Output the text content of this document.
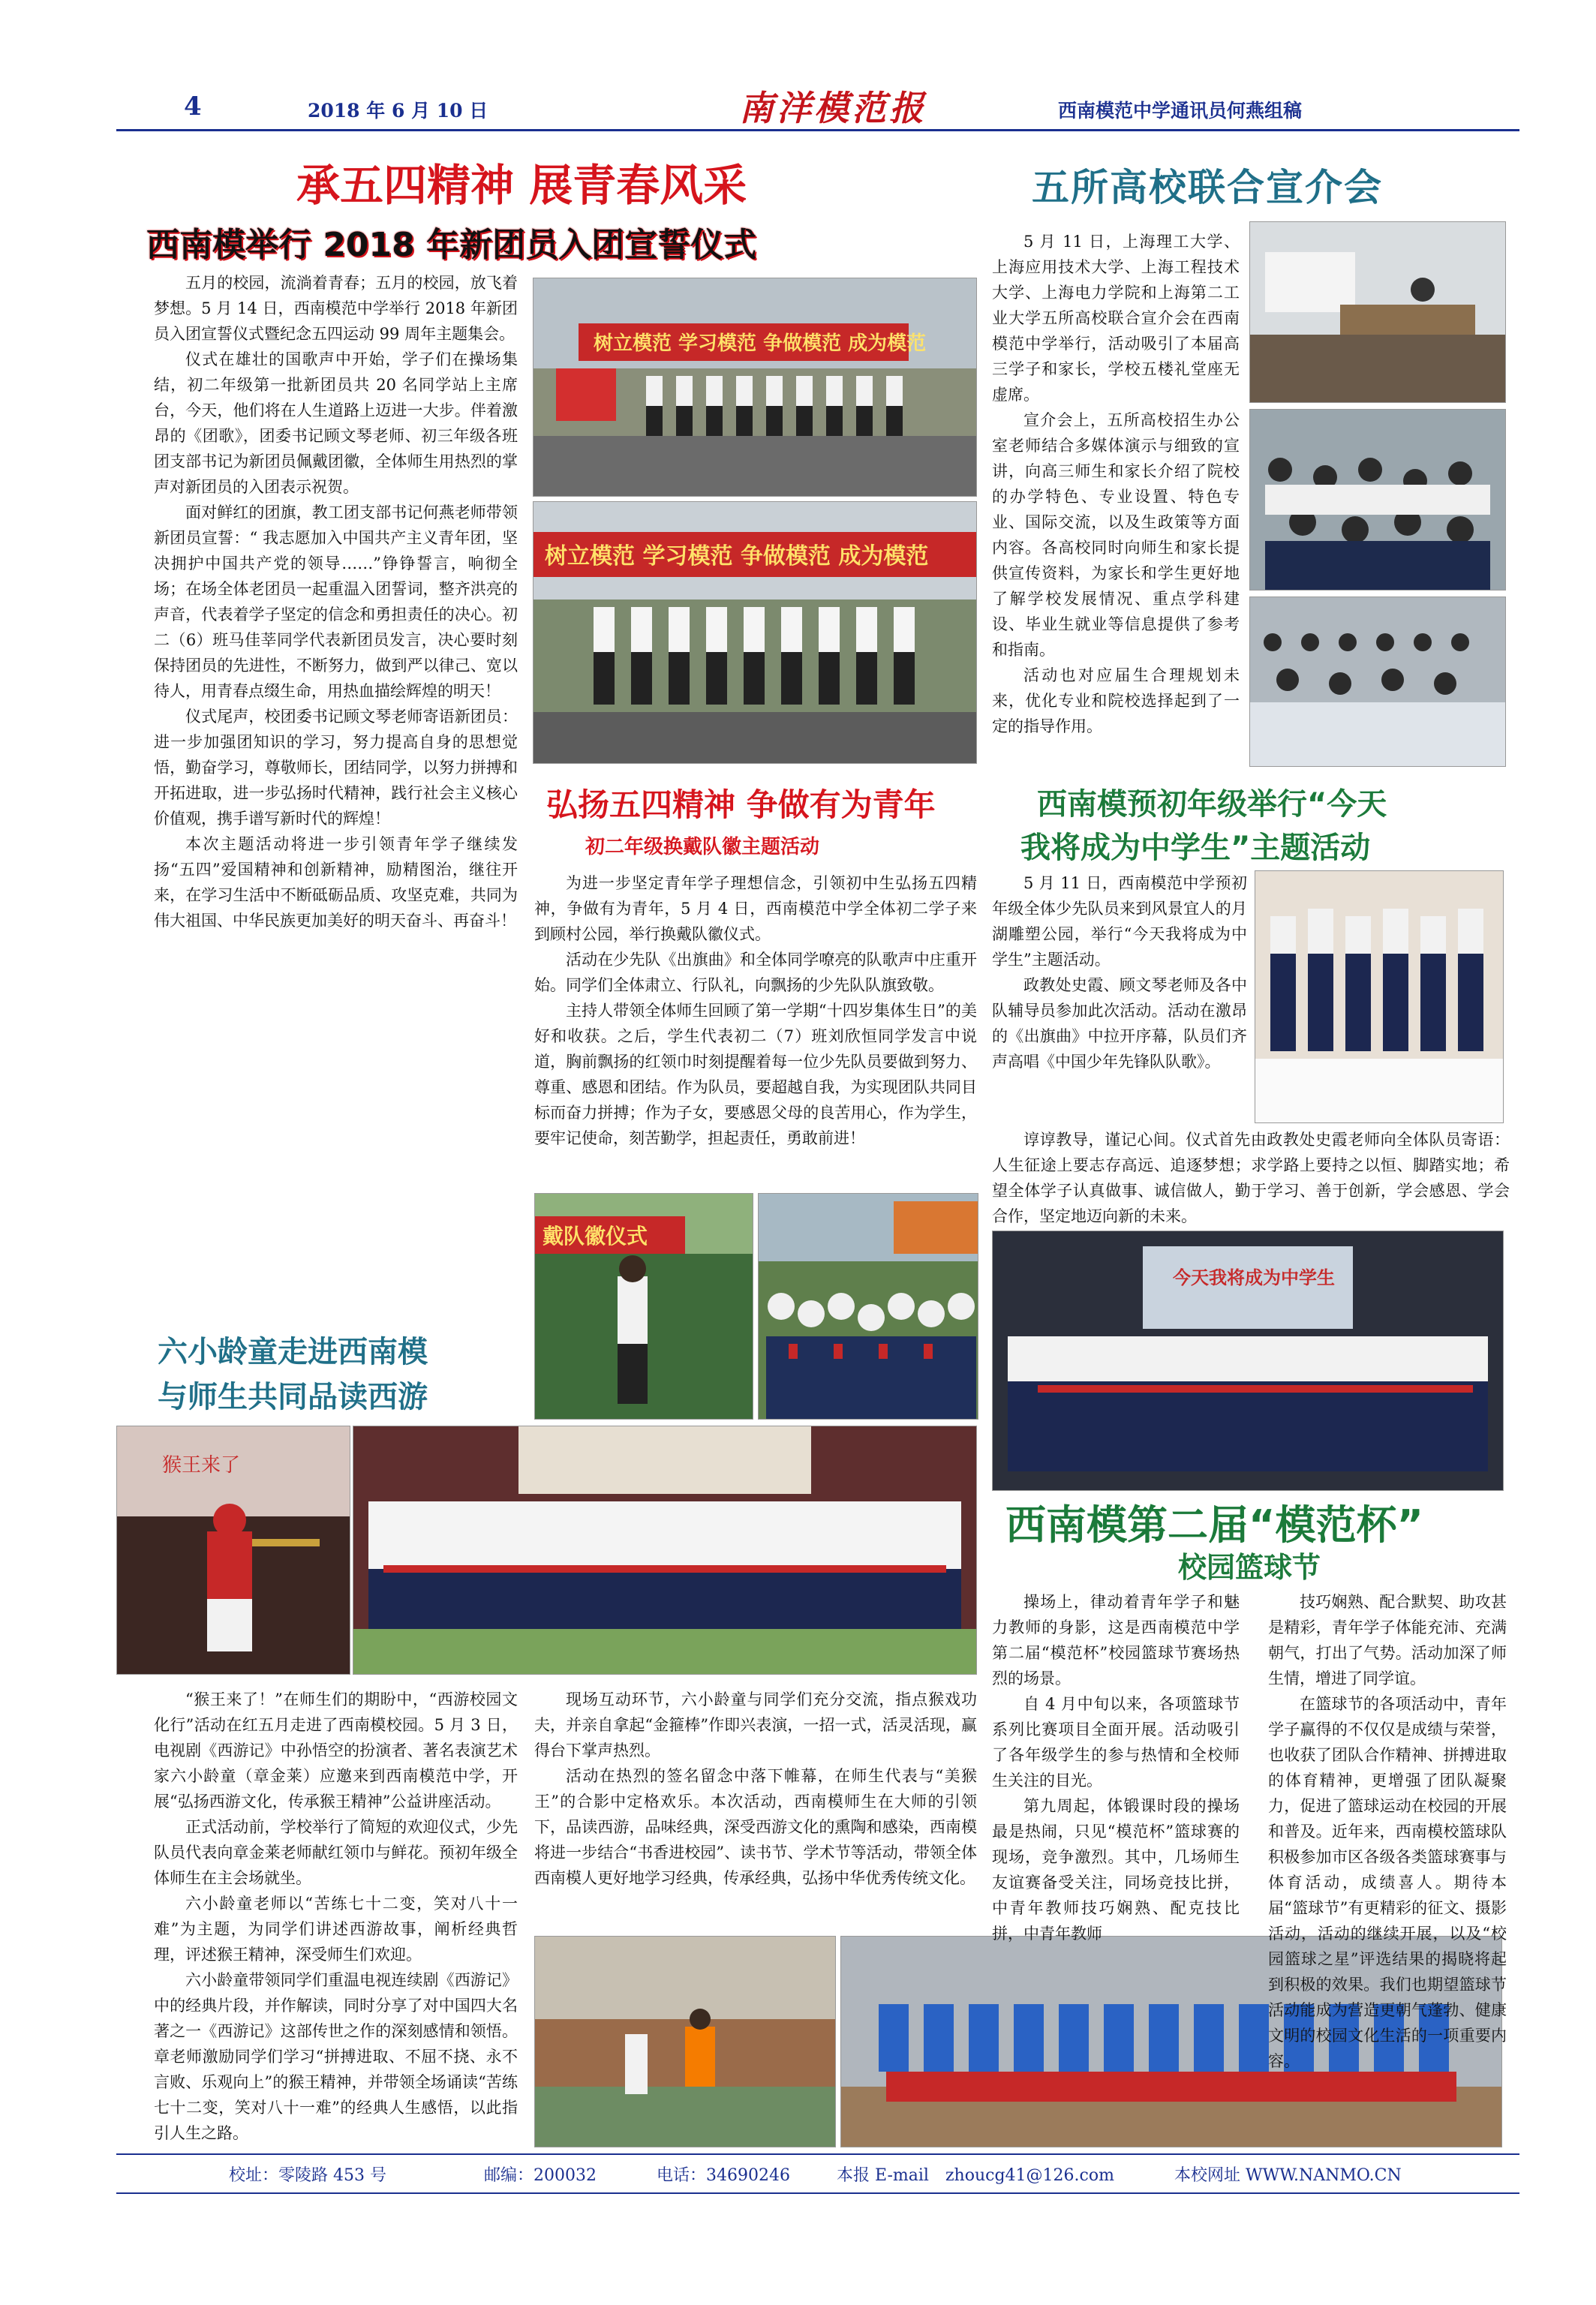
4	2018 年 6 月 10 日	南洋模范报	西南模范中学通讯员何燕组稿
承五四精神 展青春风采
西南模举行 2018 年新团员入团宣誓仪式

五月的校园，流淌着青春；五月的校园，放飞着梦想。5 月 14 日，西南模范中学举行 2018 年新团员入团宣誓仪式暨纪念五四运动 99 周年主题集会。

仪式在雄壮的国歌声中开始，学子们在操场集结，初二年级第一批新团员共 20 名同学站上主席台，今天，他们将在人生道路上迈进一大步。伴着激昂的《团歌》，团委书记顾文琴老师、初三年级各班团支部书记为新团员佩戴团徽，全体师生用热烈的掌声对新团员的入团表示祝贺。

面对鲜红的团旗，教工团支部书记何燕老师带领新团员宣誓：“ 我志愿加入中国共产主义青年团，坚决拥护中国共产党的领导……”铮铮誓言，响彻全场；在场全体老团员一起重温入团誓词，整齐洪亮的声音，代表着学子坚定的信念和勇担责任的决心。初二（6）班马佳莘同学代表新团员发言，决心要时刻保持团员的先进性，不断努力，做到严以律己、宽以待人，用青春点缀生命，用热血描绘辉煌的明天！

仪式尾声，校团委书记顾文琴老师寄语新团员：进一步加强团知识的学习，努力提高自身的思想觉悟，勤奋学习，尊敬师长，团结同学，以努力拼搏和开拓进取，进一步弘扬时代精神，践行社会主义核心价值观，携手谱写新时代的辉煌！

本次主题活动将进一步引领青年学子继续发扬“五四”爱国精神和创新精神，励精图治，继往开来，在学习生活中不断砥砺品质、攻坚克难，共同为伟大祖国、中华民族更加美好的明天奋斗、再奋斗！

树立模范 学习模范 争做模范 成为模范
树立模范 学习模范 争做模范 成为模范
弘扬五四精神 争做有为青年
初二年级换戴队徽主题活动

为进一步坚定青年学子理想信念，引领初中生弘扬五四精神，争做有为青年，5 月 4 日，西南模范中学全体初二学子来到顾村公园，举行换戴队徽仪式。

活动在少先队《出旗曲》和全体同学嘹亮的队歌声中庄重开始。同学们全体肃立、行队礼，向飘扬的少先队队旗致敬。

主持人带领全体师生回顾了第一学期“十四岁集体生日”的美好和收获。之后，学生代表初二（7）班刘欣恒同学发言中说道，胸前飘扬的红领巾时刻提醒着每一位少先队员要做到努力、尊重、感恩和团结。作为队员，要超越自我，为实现团队共同目标而奋力拼搏；作为子女，要感恩父母的良苦用心，作为学生，要牢记使命，刻苦勤学，担起责任，勇敢前进！

戴队徽仪式
五所高校联合宣介会

5 月 11 日，上海理工大学、上海应用技术大学、上海工程技术大学、上海电力学院和上海第二工业大学五所高校联合宣介会在西南模范中学举行，活动吸引了本届高三学子和家长，学校五楼礼堂座无虚席。

宣介会上，五所高校招生办公室老师结合多媒体演示与细致的宣讲，向高三师生和家长介绍了院校的办学特色、专业设置、特色专业、国际交流，以及生政策等方面内容。各高校同时向师生和家长提供宣传资料，为家长和学生更好地了解学校发展情况、重点学科建设、毕业生就业等信息提供了参考和指南。

活动也对应届生合理规划未来，优化专业和院校选择起到了一定的指导作用。

西南模预初年级举行“今天
我将成为中学生”主题活动

5 月 11 日，西南模范中学预初年级全体少先队员来到风景宜人的月湖雕塑公园，举行“今天我将成为中学生”主题活动。

政教处史霞、顾文琴老师及各中队辅导员参加此次活动。活动在激昂的《出旗曲》中拉开序幕，队员们齐声高唱《中国少年先锋队队歌》。

谆谆教导，谨记心间。仪式首先由政教处史霞老师向全体队员寄语：人生征途上要志存高远、追逐梦想；求学路上要持之以恒、脚踏实地；希望全体学子认真做事、诚信做人，勤于学习、善于创新，学会感恩、学会合作，坚定地迈向新的未来。

今天我将成为中学生
六小龄童走进西南模
与师生共同品读西游
猴王来了

“猴王来了！”在师生们的期盼中，“西游校园文化行”活动在红五月走进了西南模校园。5 月 3 日，电视剧《西游记》中孙悟空的扮演者、著名表演艺术家六小龄童（章金莱）应邀来到西南模范中学，开展“弘扬西游文化，传承猴王精神”公益讲座活动。

正式活动前，学校举行了简短的欢迎仪式，少先队员代表向章金莱老师献红领巾与鲜花。预初年级全体师生在主会场就坐。

六小龄童老师以“苦练七十二变，笑对八十一难”为主题，为同学们讲述西游故事，阐析经典哲理，评述猴王精神，深受师生们欢迎。

六小龄童带领同学们重温电视连续剧《西游记》中的经典片段，并作解读，同时分享了对中国四大名著之一《西游记》这部传世之作的深刻感情和领悟。章老师激励同学们学习“拼搏进取、不屈不挠、永不言败、乐观向上”的猴王精神，并带领全场诵读“苦练七十二变，笑对八十一难”的经典人生感悟，以此指引人生之路。

现场互动环节，六小龄童与同学们充分交流，指点猴戏功夫，并亲自拿起“金箍棒”作即兴表演，一招一式，活灵活现，赢得台下掌声热烈。

活动在热烈的签名留念中落下帷幕，在师生代表与“美猴王”的合影中定格欢乐。本次活动，西南模师生在大师的引领下，品读西游，品味经典，深受西游文化的熏陶和感染，西南模将进一步结合“书香进校园”、读书节、学术节等活动，带领全体西南模人更好地学习经典，传承经典，弘扬中华优秀传统文化。

西南模第二届“模范杯”
校园篮球节

操场上，律动着青年学子和魅力教师的身影，这是西南模范中学第二届“模范杯”校园篮球节赛场热烈的场景。

自 4 月中旬以来，各项篮球节系列比赛项目全面开展。活动吸引了各年级学生的参与热情和全校师生关注的目光。

第九周起，体锻课时段的操场最是热闹，只见“模范杯”篮球赛的现场，竞争激烈。其中，几场师生友谊赛备受关注，同场竞技比拼，中青年教师技巧娴熟、配克技比拼，中青年教师

技巧娴熟、配合默契、助攻甚是精彩，青年学子体能充沛、充满朝气，打出了气势。活动加深了师生情，增进了同学谊。

在篮球节的各项活动中，青年学子赢得的不仅仅是成绩与荣誉，也收获了团队合作精神、拼搏进取的体育精神，更增强了团队凝聚力，促进了篮球运动在校园的开展和普及。近年来，西南模校篮球队积极参加市区各级各类篮球赛事与体育活动，成绩喜人。期待本届“篮球节”有更精彩的征文、摄影活动，活动的继续开展，以及“校园篮球之星”评选结果的揭晓将起到积极的效果。我们也期望篮球节活动能成为营造更朝气蓬勃、健康文明的校园文化生活的一项重要内容。

校址：零陵路 453 号	邮编：200032	电话：34690246	本报 E-mail　zhoucg41@126.com	本校网址 WWW.NANMO.CN
